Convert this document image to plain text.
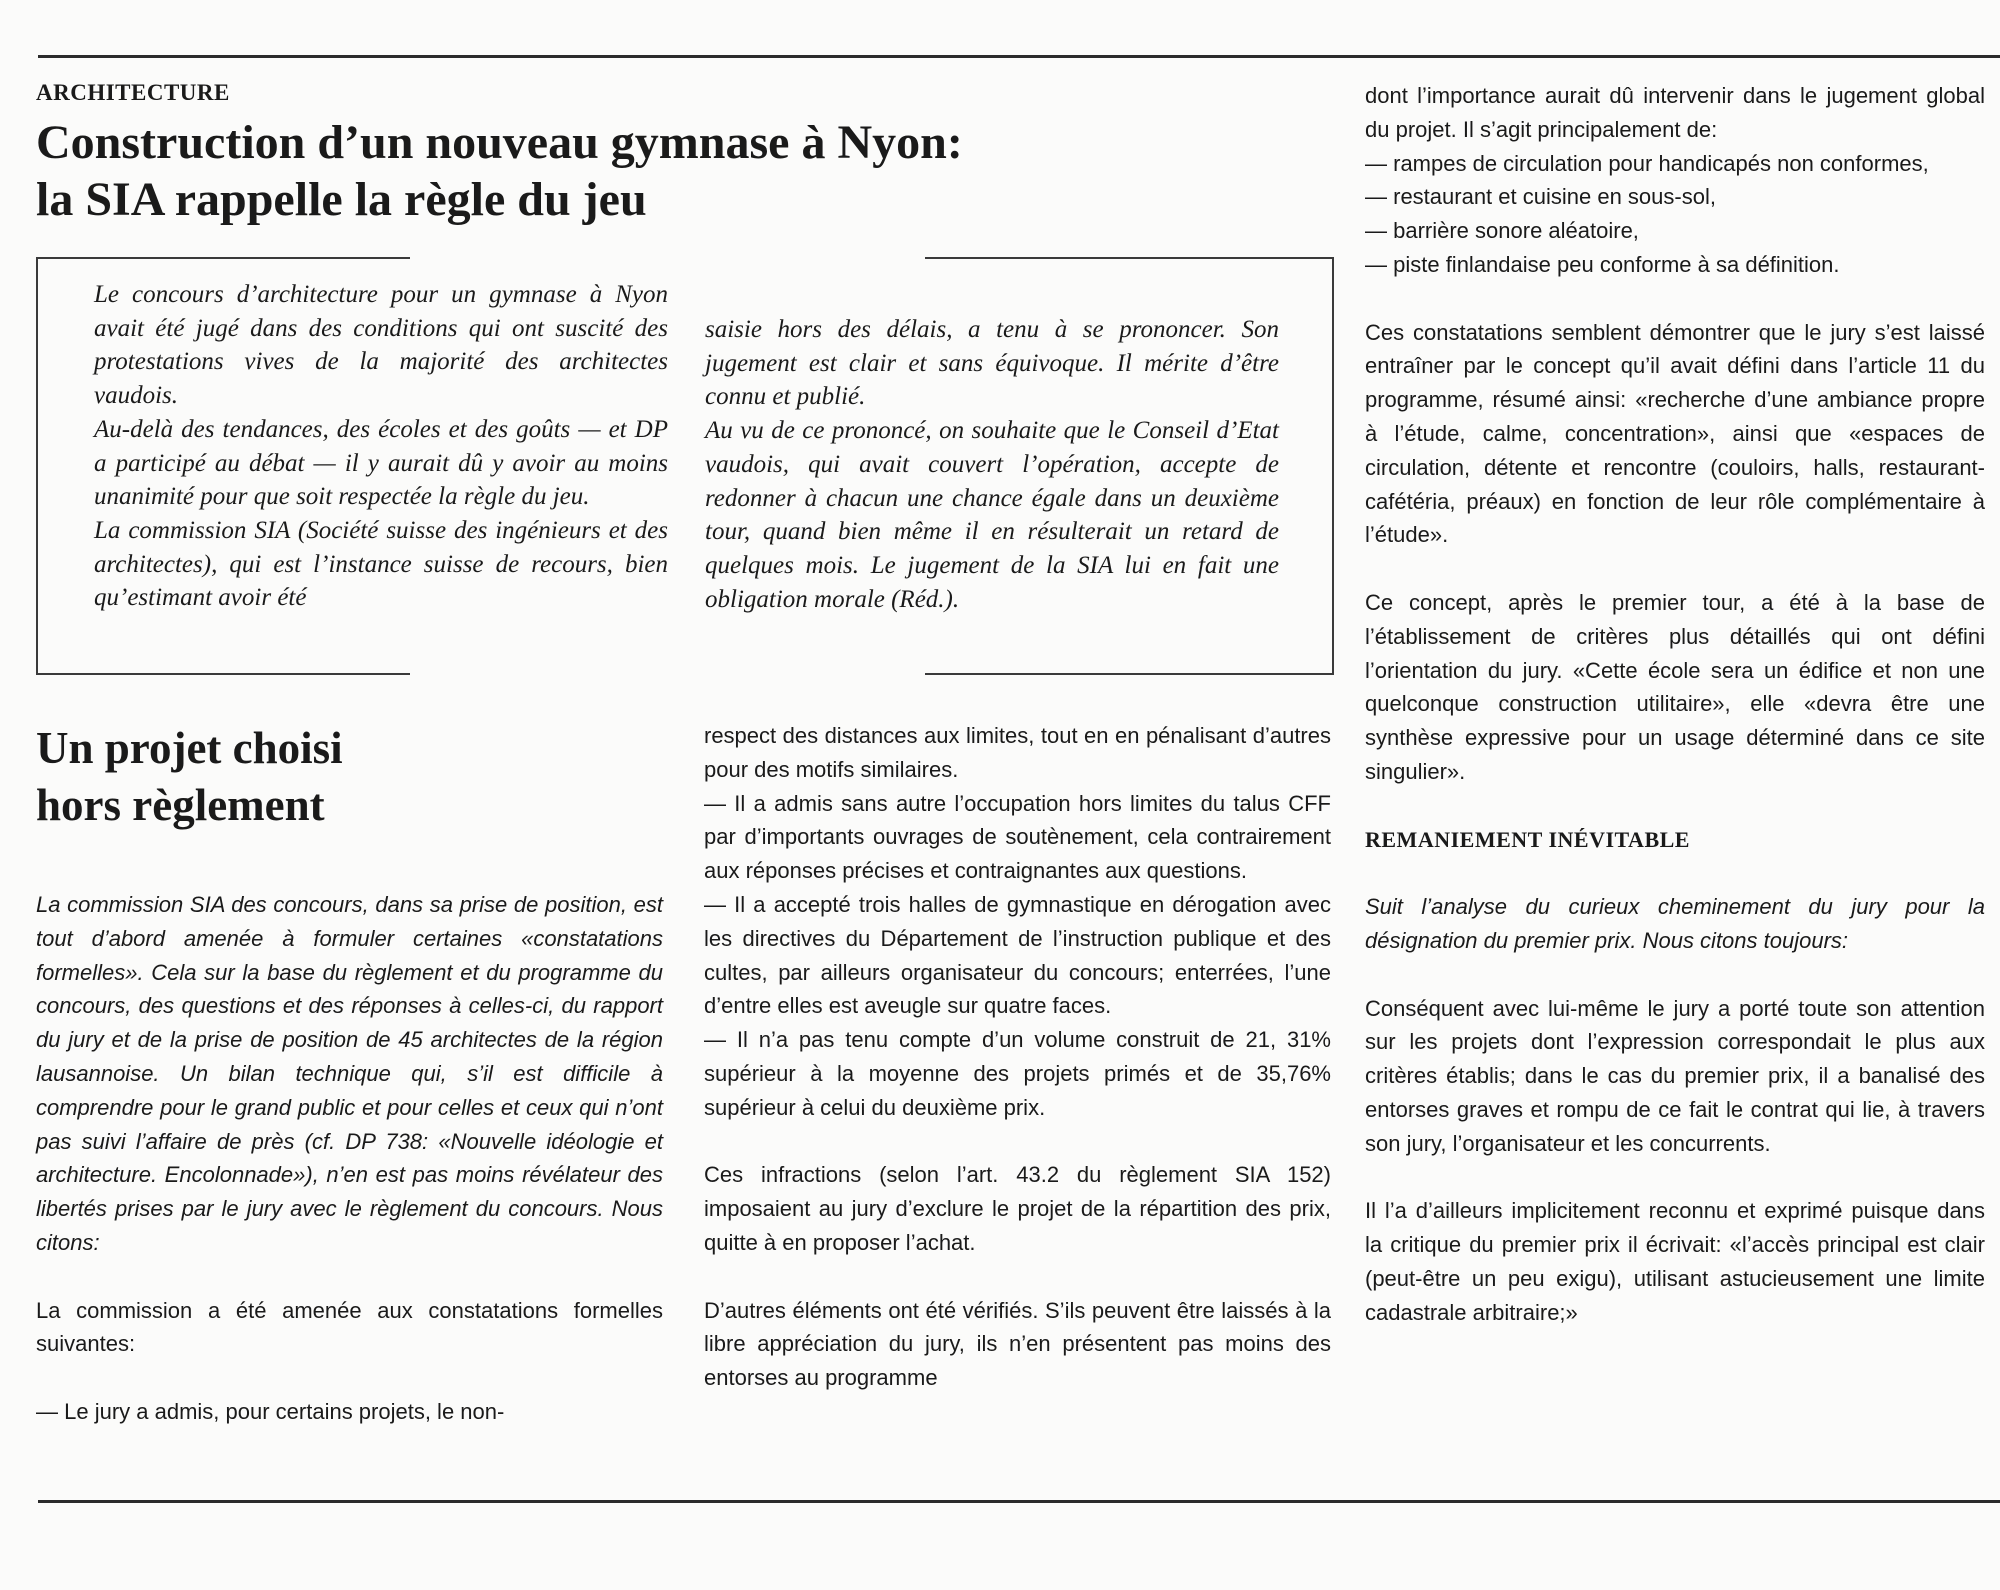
ARCHITECTURE
Construction d’un nouveau gymnase à Nyon:
la SIA rappelle la règle du jeu

Le concours d’architecture pour un gymnase à Nyon avait été jugé dans des conditions qui ont suscité des protestations vives de la majorité des architectes vaudois.

Au-delà des tendances, des écoles et des goûts — et DP a participé au débat — il y aurait dû y avoir au moins unanimité pour que soit respectée la règle du jeu.

La commission SIA (Société suisse des ingénieurs et des architectes), qui est l’instance suisse de recours, bien qu’estimant avoir été

saisie hors des délais, a tenu à se prononcer. Son jugement est clair et sans équivoque. Il mérite d’être connu et publié.

Au vu de ce prononcé, on souhaite que le Conseil d’Etat vaudois, qui avait couvert l’opération, accepte de redonner à chacun une chance égale dans un deuxième tour, quand bien même il en résulterait un retard de quelques mois. Le jugement de la SIA lui en fait une obligation morale (Réd.).

Un projet choisi
hors règlement

La commission SIA des concours, dans sa prise de position, est tout d’abord amenée à formuler certaines «constatations formelles». Cela sur la base du règlement et du programme du concours, des questions et des réponses à celles-ci, du rapport du jury et de la prise de position de 45 architectes de la région lausannoise. Un bilan technique qui, s’il est difficile à comprendre pour le grand public et pour celles et ceux qui n’ont pas suivi l’affaire de près (cf. DP 738: «Nouvelle idéologie et architecture. Encolonnade»), n’en est pas moins révélateur des libertés prises par le jury avec le règlement du concours. Nous citons:

La commission a été amenée aux constatations formelles suivantes:

— Le jury a admis, pour certains projets, le non-

respect des distances aux limites, tout en en pénalisant d’autres pour des motifs similaires.

— Il a admis sans autre l’occupation hors limites du talus CFF par d’importants ouvrages de soutènement, cela contrairement aux réponses précises et contraignantes aux questions.

— Il a accepté trois halles de gymnastique en dérogation avec les directives du Département de l’instruction publique et des cultes, par ailleurs organisateur du concours; enterrées, l’une d’entre elles est aveugle sur quatre faces.

— Il n’a pas tenu compte d’un volume construit de 21, 31% supérieur à la moyenne des projets primés et de 35,76% supérieur à celui du deuxième prix.

Ces infractions (selon l’art. 43.2 du règlement SIA 152) imposaient au jury d’exclure le projet de la répartition des prix, quitte à en proposer l’achat.

D’autres éléments ont été vérifiés. S’ils peuvent être laissés à la libre appréciation du jury, ils n’en présentent pas moins des entorses au programme

dont l’importance aurait dû intervenir dans le jugement global du projet. Il s’agit principalement de:

— rampes de circulation pour handicapés non conformes,

— restaurant et cuisine en sous-sol,

— barrière sonore aléatoire,

— piste finlandaise peu conforme à sa définition.

Ces constatations semblent démontrer que le jury s’est laissé entraîner par le concept qu’il avait défini dans l’article 11 du programme, résumé ainsi: «recherche d’une ambiance propre à l’étude, calme, concentration», ainsi que «espaces de circulation, détente et rencontre (couloirs, halls, restaurant-cafétéria, préaux) en fonction de leur rôle complémentaire à l’étude».

Ce concept, après le premier tour, a été à la base de l’établissement de critères plus détaillés qui ont défini l’orientation du jury. «Cette école sera un édifice et non une quelconque construction utilitaire», elle «devra être une synthèse expressive pour un usage déterminé dans ce site singulier».

REMANIEMENT INÉVITABLE

Suit l’analyse du curieux cheminement du jury pour la désignation du premier prix. Nous citons toujours:

Conséquent avec lui-même le jury a porté toute son attention sur les projets dont l’expression correspondait le plus aux critères établis; dans le cas du premier prix, il a banalisé des entorses graves et rompu de ce fait le contrat qui lie, à travers son jury, l’organisateur et les concurrents.

Il l’a d’ailleurs implicitement reconnu et exprimé puisque dans la critique du premier prix il écrivait: «l’accès principal est clair (peut-être un peu exigu), utilisant astucieusement une limite cadastrale arbitraire;»
